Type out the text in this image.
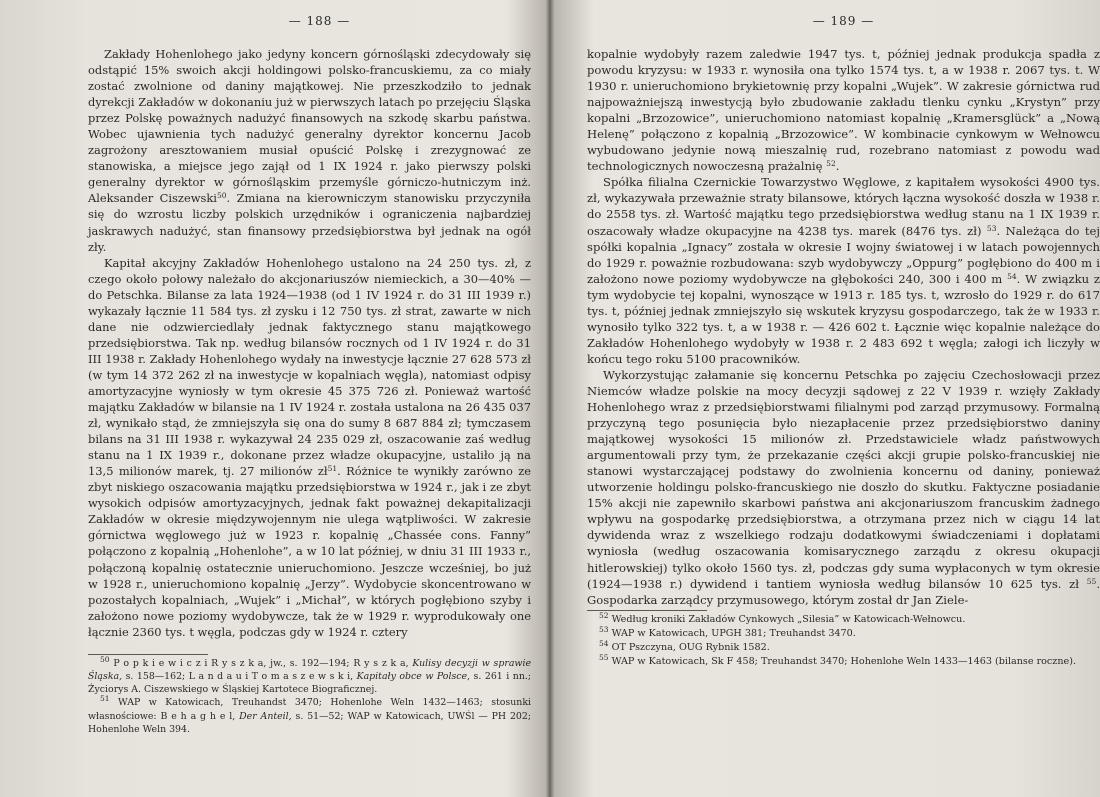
— 188 —

Zakłady Hohenlohego jako jedyny koncern górnośląski zdecydowały się odstąpić 15% swoich akcji holdingowi polsko-francuskiemu, za co miały zostać zwolnione od daniny majątkowej. Nie przeszkodziło to jednak dyrekcji Zakładów w dokonaniu już w pierwszych latach po przejęciu Śląska przez Polskę poważnych nadużyć finansowych na szkodę skarbu państwa. Wobec ujawnienia tych nadużyć generalny dyrektor koncernu Jacob zagrożony aresztowaniem musiał opuścić Polskę i zrezygnować ze stanowiska, a miejsce jego zajął od 1 IX 1924 r. jako pierwszy polski generalny dyrektor w górnośląskim przemyśle górniczo-hutniczym inż. Aleksander Ciszewski$^{50}$. Zmiana na kierowniczym stanowisku przyczyniła się do wzrostu liczby polskich urzędników i ograniczenia najbardziej jaskrawych nadużyć, stan finansowy przedsiębiorstwa był jednak na ogół zły.

Kapitał akcyjny Zakładów Hohenlohego ustalono na 24 250 tys. zł, z czego około połowy należało do akcjonariuszów niemieckich, a 30—40% — do Petschka. Bilanse za lata 1924—1938 (od 1 IV 1924 r. do 31 III 1939 r.) wykazały łącznie 11 584 tys. zł zysku i 12 750 tys. zł strat, zawarte w nich dane nie odzwierciedlały jednak faktycznego stanu majątkowego przedsiębiorstwa. Tak np. według bilansów rocznych od 1 IV 1924 r. do 31 III 1938 r. Zakłady Hohenlohego wydały na inwestycje łącznie 27 628 573 zł (w tym 14 372 262 zł na inwestycje w kopalniach węgla), natomiast odpisy amortyzacyjne wyniosły w tym okresie 45 375 726 zł. Ponieważ wartość majątku Zakładów w bilansie na 1 IV 1924 r. została ustalona na 26 435 037 zł, wynikało stąd, że zmniejszyła się ona do sumy 8 687 884 zł; tymczasem bilans na 31 III 1938 r. wykazywał 24 235 029 zł, oszacowanie zaś według stanu na 1 IX 1939 r., dokonane przez władze okupacyjne, ustaliło ją na 13,5 milionów marek, tj. 27 milionów $zł^{51}$. Różnice te wynikły zarówno ze zbyt niskiego oszacowania majątku przedsiębiorstwa w 1924 r., jak i ze zbyt wysokich odpisów amortyzacyjnych, jednak fakt poważnej dekapitalizacji Zakładów w okresie międzywojennym nie ulega wątpliwości. W zakresie górnictwa węglowego już w 1923 r. kopalnię „Chassée cons. Fanny” połączono z kopalnią „Hohenlohe”, a w 10 lat później, w dniu 31 III 1933 r., połączoną kopalnię ostatecznie unieruchomiono. Jeszcze wcześniej, bo już w 1928 r., unieruchomiono kopalnię „Jerzy”. Wydobycie skoncentrowano w pozostałych kopalniach, „Wujek” i „Michał”, w których pogłębiono szyby i założono nowe poziomy wydobywcze, tak że w 1929 r. wyprodukowały one łącznie 2360 tys. t węgla, podczas gdy w 1924 r. cztery

$^{50}$ P o p k i e w i c z i R y s z k a, jw., s. 192—194; R y s z k a, Kulisy decyzji w sprawie Śląska, s. 158—162; L a n d a u i T o m a s z e w s k i, Kapitały obce w Polsce, s. 261 i nn.; Życiorys A. Ciszewskiego w Śląskiej Kartotece Biograficznej.

$^{51}$ WAP w Katowicach, Treuhandst 3470; Hohenlohe Weln 1432—1463; stosunki własnościowe: B e h a g h e l, Der Anteil, s. 51—52; WAP w Katowicach, UWŚl — PH 202; Hohenlohe Weln 394.

— 189 —

kopalnie wydobyły razem zaledwie 1947 tys. t, później jednak produkcja spadła z powodu kryzysu: w 1933 r. wynosiła ona tylko 1574 tys. t, a w 1938 r. 2067 tys. t. W 1930 r. unieruchomiono brykietownię przy kopalni „Wujek”. W zakresie górnictwa rud najpoważniejszą inwestycją było zbudowanie zakładu tlenku cynku „Krystyn” przy kopalni „Brzozowice”, unieruchomiono natomiast kopalnię „Kramersglück” a „Nową Helenę” połączono z kopalnią „Brzozowice”. W kombinacie cynkowym w Wełnowcu wybudowano jedynie nową mieszalnię rud, rozebrano natomiast z powodu wad technologicznych nowoczesną prażalnię $^{52}$.

Spółka filialna Czernickie Towarzystwo Węglowe, z kapitałem wysokości 4900 tys. zł, wykazywała przeważnie straty bilansowe, których łączna wysokość doszła w 1938 r. do 2558 tys. zł. Wartość majątku tego przedsiębiorstwa według stanu na 1 IX 1939 r. oszacowały władze okupacyjne na 4238 tys. marek (8476 tys. zł) $^{53}$. Należąca do tej spółki kopalnia „Ignacy” została w okresie I wojny światowej i w latach powojennych do 1929 r. poważnie rozbudowana: szyb wydobywczy „Oppurg” pogłębiono do 400 m i założono nowe poziomy wydobywcze na głębokości 240, 300 i 400 m $^{54}$. W związku z tym wydobycie tej kopalni, wynoszące w 1913 r. 185 tys. t, wzrosło do 1929 r. do 617 tys. t, później jednak zmniejszyło się wskutek kryzysu gospodarczego, tak że w 1933 r. wynosiło tylko 322 tys. t, a w 1938 r. — 426 602 t. Łącznie więc kopalnie należące do Zakładów Hohenlohego wydobyły w 1938 r. 2 483 692 t węgla; załogi ich liczyły w końcu tego roku 5100 pracowników.

Wykorzystując załamanie się koncernu Petschka po zajęciu Czechosłowacji przez Niemców władze polskie na mocy decyzji sądowej z 22 V 1939 r. wzięły Zakłady Hohenlohego wraz z przedsiębiorstwami filialnymi pod zarząd przymusowy. Formalną przyczyną tego posunięcia było niezapłacenie przez przedsiębiorstwo daniny majątkowej wysokości 15 milionów zł. Przedstawiciele władz państwowych argumentowali przy tym, że przekazanie części akcji grupie polsko-francuskiej nie stanowi wystarczającej podstawy do zwolnienia koncernu od daniny, ponieważ utworzenie holdingu polsko-francuskiego nie doszło do skutku. Faktyczne posiadanie 15% akcji nie zapewniło skarbowi państwa ani akcjonariuszom francuskim żadnego wpływu na gospodarkę przedsiębiorstwa, a otrzymana przez nich w ciągu 14 lat dywidenda wraz z wszelkiego rodzaju dodatkowymi świadczeniami i dopłatami wyniosła (według oszacowania komisarycznego zarządu z okresu okupacji hitlerowskiej) tylko około 1560 tys. zł, podczas gdy suma wypłaconych w tym okresie (1924—1938 r.) dywidend i tantiem wyniosła według bilansów 10 625 tys. zł $^{55}$. Gospodarka zarządcy przymusowego, którym został dr Jan Ziele-

$^{52}$ Według kroniki Zakładów Cynkowych „Silesia” w Katowicach-Wełnowcu.

$^{53}$ WAP w Katowicach, UPGH 381; Treuhandst 3470.

$^{54}$ OT Pszczyna, OUG Rybnik 1582.

$^{55}$ WAP w Katowicach, Sk F 458; Treuhandst 3470; Hohenlohe Weln 1433—1463 (bilanse roczne).
